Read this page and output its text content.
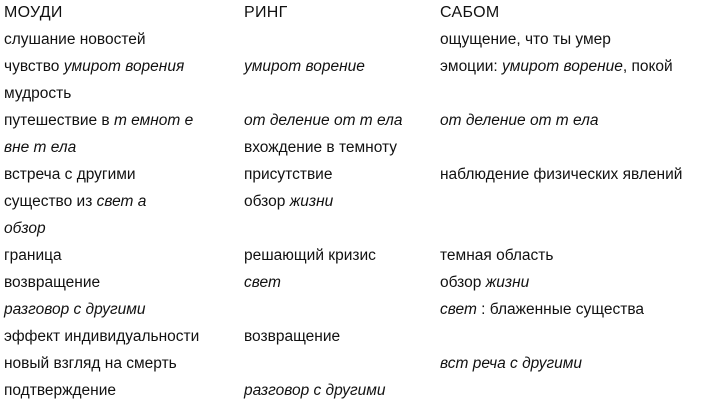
МОУДИ
слушание новостей
чувство умирот ворения
мудрость
путешествие в т емнот е
вне т ела
встреча с другими
существо из свет а
обзор
граница
возвращение
разговор с другими
эффект индивидуальности
новый взгляд на смерть
подтверждение
РИНГ
умирот ворение
от деление от т ела
вхождение в темноту
присутствие
обзор жизни
решающий кризис
свет
возвращение
разговор с другими
САБОМ
ощущение, что ты умер
эмоции: умирот ворение, покой
от деление от т ела
наблюдение физических явлений
темная область
обзор жизни
свет : блаженные существа
вст реча с другими
